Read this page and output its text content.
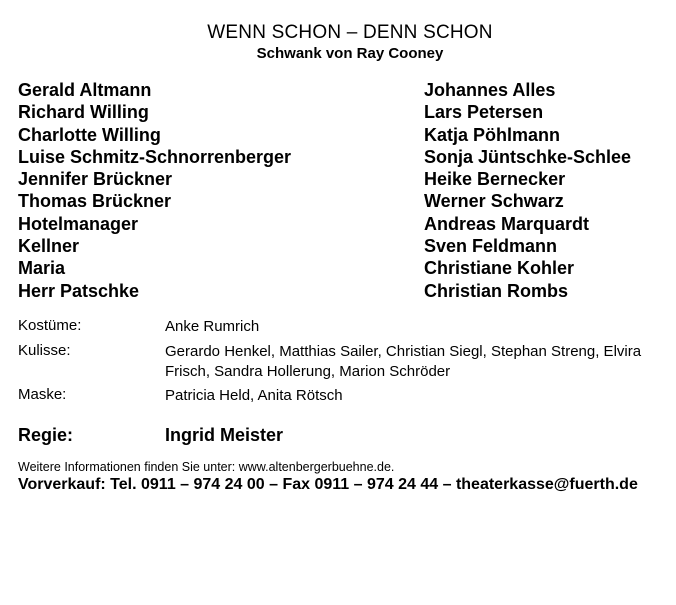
WENN SCHON – DENN SCHON
Schwank von Ray Cooney
Gerald Altmann	Johannes Alles
Richard Willing	Lars Petersen
Charlotte Willing	Katja Pöhlmann
Luise Schmitz-Schnorrenberger	Sonja Jüntschke-Schlee
Jennifer Brückner	Heike Bernecker
Thomas Brückner	Werner Schwarz
Hotelmanager	Andreas Marquardt
Kellner	Sven Feldmann
Maria	Christiane Kohler
Herr Patschke	Christian Rombs
Kostüme:	Anke Rumrich
Kulisse:	Gerardo Henkel, Matthias Sailer, Christian Siegl, Stephan Streng, Elvira Frisch, Sandra Hollerung, Marion Schröder
Maske:	Patricia Held, Anita Rötsch
Regie:	Ingrid Meister
Weitere Informationen finden Sie unter: www.altenbergerbuehne.de.
Vorverkauf: Tel. 0911 – 974 24 00 – Fax 0911 – 974 24 44 – theaterkasse@fuerth.de
